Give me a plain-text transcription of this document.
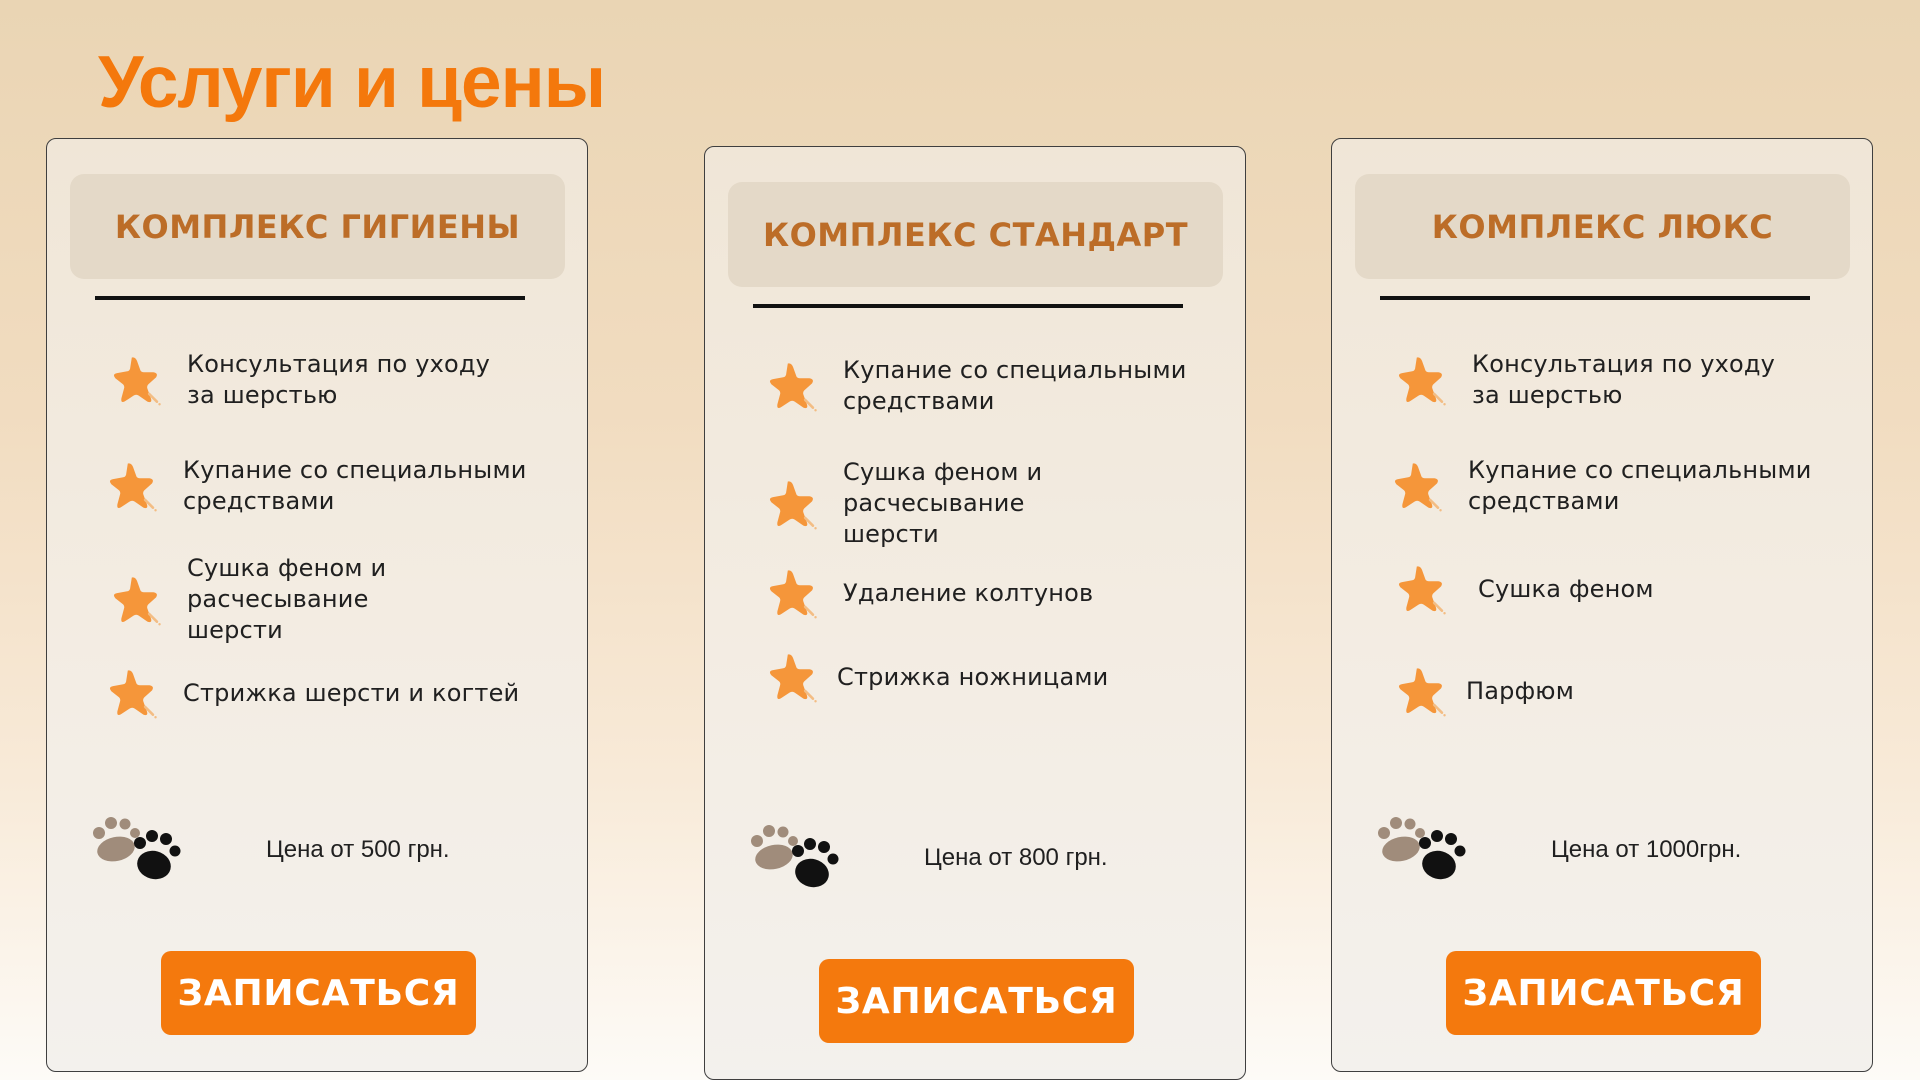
Услуги и цены
КОМПЛЕКС ГИГИЕНЫ
Консультация по уходу
за шерстью
Купание со специальными
средствами
Сушка феном и
расчесывание
шерсти
Стрижка шерсти и когтей
Цена от 500 грн.
ЗАПИСАТЬСЯ
КОМПЛЕКС СТАНДАРТ
Купание со специальными
средствами
Сушка феном и
расчесывание
шерсти
Удаление колтунов
Стрижка ножницами
Цена от 800 грн.
ЗАПИСАТЬСЯ
КОМПЛЕКС ЛЮКС
Консультация по уходу
за шерстью
Купание со специальными
средствами
Сушка феном
Парфюм
Цена от 1000грн.
ЗАПИСАТЬСЯ
